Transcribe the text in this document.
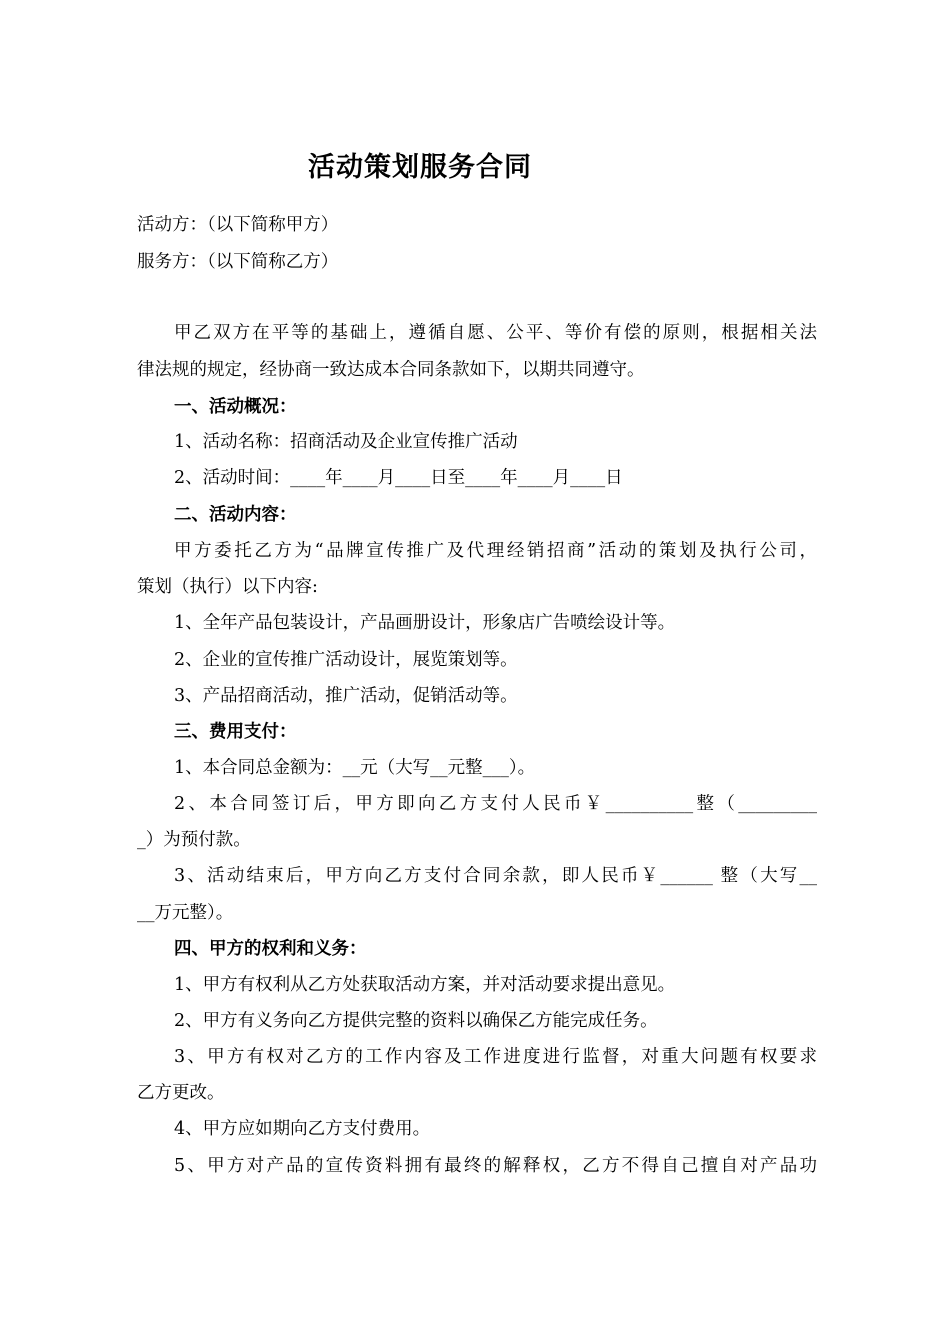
活动策划服务合同
活动方：（以下简称甲方）
服务方：（以下简称乙方）
甲乙双方在平等的基础上，遵循自愿、公平、等价有偿的原则，根据相关法
律法规的规定，经协商一致达成本合同条款如下，以期共同遵守。
一、活动概况：
1、活动名称：招商活动及企业宣传推广活动
2、活动时间：____年____月____日至____年____月____日
二、活动内容：
甲方委托乙方为“品牌宣传推广及代理经销招商”活动的策划及执行公司，
策划（执行）以下内容:
1、全年产品包装设计，产品画册设计，形象店广告喷绘设计等。
2、企业的宣传推广活动设计，展览策划等。
3、产品招商活动，推广活动，促销活动等。
三、费用支付：
1、本合同总金额为：__元（大写__元整___）。
2、本合同签订后，甲方即向乙方支付人民币￥__________整（_________
_）为预付款。
3、活动结束后，甲方向乙方支付合同余款，即人民币￥______ 整（大写__
__万元整）。
四、甲方的权利和义务：
1、甲方有权利从乙方处获取活动方案，并对活动要求提出意见。
2、甲方有义务向乙方提供完整的资料以确保乙方能完成任务。
3、甲方有权对乙方的工作内容及工作进度进行监督，对重大问题有权要求
乙方更改。
4、甲方应如期向乙方支付费用。
5、甲方对产品的宣传资料拥有最终的解释权，乙方不得自己擅自对产品功
